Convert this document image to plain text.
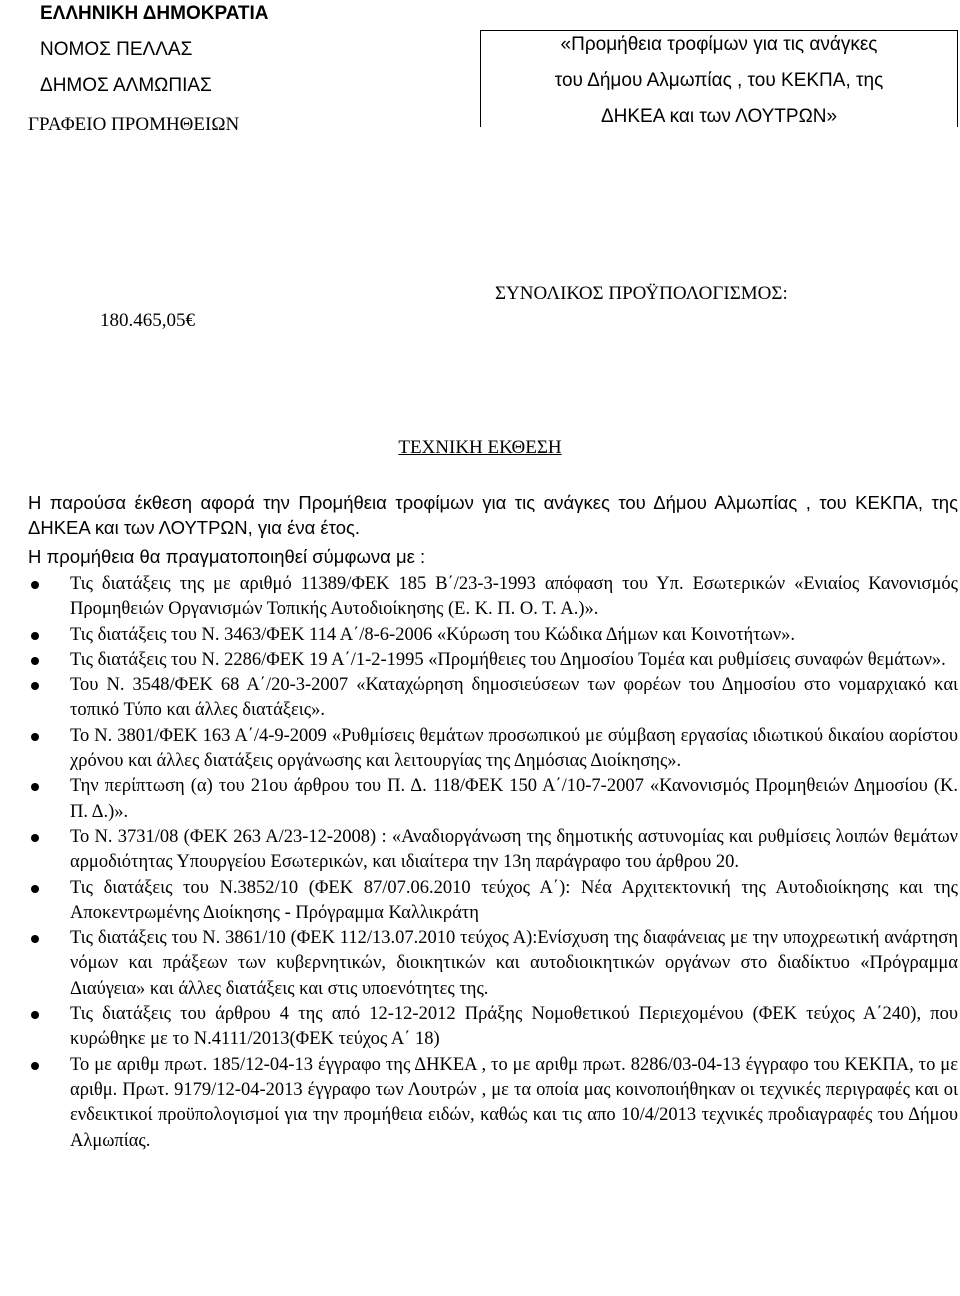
ΕΛΛΗΝΙΚΗ ΔΗΜΟΚΡΑΤΙΑ
ΝΟΜΟΣ ΠΕΛΛΑΣ
ΔΗΜΟΣ ΑΛΜΩΠΙΑΣ
ΓΡΑΦΕΙΟ ΠΡΟΜΗΘΕΙΩΝ
«Προμήθεια τροφίμων για τις ανάγκες
του Δήμου Αλμωπίας , του ΚΕΚΠΑ, της
ΔΗΚΕΑ και των ΛΟΥΤΡΩΝ»
ΣΥΝΟΛΙΚΟΣ ΠΡΟΫΠΟΛΟΓΙΣΜΟΣ:
180.465,05€
ΤΕΧΝΙΚΗ ΕΚΘΕΣΗ
Η παρούσα έκθεση αφορά την Προμήθεια τροφίμων για τις ανάγκες του Δήμου Αλμωπίας , του ΚΕΚΠΑ, της ΔΗΚΕΑ και των ΛΟΥΤΡΩΝ, για ένα έτος.
Η προμήθεια θα πραγματοποιηθεί σύμφωνα με :
Τις διατάξεις της με αριθμό 11389/ΦΕΚ 185 Β΄/23-3-1993 απόφαση του Υπ. Εσωτερικών «Ενιαίος Κανονισμός Προμηθειών Οργανισμών Τοπικής Αυτοδιοίκησης (Ε. Κ. Π. Ο. Τ. Α.)».
Τις διατάξεις του Ν. 3463/ΦΕΚ 114 Α΄/8-6-2006 «Κύρωση του Κώδικα Δήμων και Κοινοτήτων».
Τις διατάξεις του Ν. 2286/ΦΕΚ 19 Α΄/1-2-1995 «Προμήθειες του Δημοσίου Τομέα και ρυθμίσεις συναφών θεμάτων».
Του Ν. 3548/ΦΕΚ 68 Α΄/20-3-2007 «Καταχώρηση δημοσιεύσεων των φορέων του Δημοσίου στο νομαρχιακό και τοπικό Τύπο και άλλες διατάξεις».
Το Ν. 3801/ΦΕΚ 163 Α΄/4-9-2009 «Ρυθμίσεις θεμάτων προσωπικού με σύμβαση εργασίας ιδιωτικού δικαίου αορίστου χρόνου και άλλες διατάξεις οργάνωσης και λειτουργίας της Δημόσιας Διοίκησης».
Την περίπτωση (α) του 21ου άρθρου του Π. Δ. 118/ΦΕΚ 150 Α΄/10-7-2007 «Κανονισμός Προμηθειών Δημοσίου (Κ. Π. Δ.)».
Το Ν. 3731/08 (ΦΕΚ 263 Α/23-12-2008) : «Αναδιοργάνωση της δημοτικής αστυνομίας και ρυθμίσεις λοιπών θεμάτων αρμοδιότητας Υπουργείου Εσωτερικών, και ιδιαίτερα την 13η παράγραφο του άρθρου 20.
Τις διατάξεις του Ν.3852/10 (ΦΕΚ 87/07.06.2010 τεύχος Α΄): Νέα Αρχιτεκτονική της Αυτοδιοίκησης και της Αποκεντρωμένης Διοίκησης - Πρόγραμμα Καλλικράτη
Τις διατάξεις του Ν. 3861/10 (ΦΕΚ 112/13.07.2010 τεύχος Α):Ενίσχυση της διαφάνειας με την υποχρεωτική ανάρτηση νόμων και πράξεων των κυβερνητικών, διοικητικών και αυτοδιοικητικών οργάνων στο διαδίκτυο «Πρόγραμμα Διαύγεια» και άλλες διατάξεις και στις υποενότητες της.
Τις διατάξεις του άρθρου 4 της από 12-12-2012 Πράξης Νομοθετικού Περιεχομένου (ΦΕΚ τεύχος Α΄240), που κυρώθηκε με το Ν.4111/2013(ΦΕΚ τεύχος Α΄ 18)
Το με αριθμ πρωτ. 185/12-04-13 έγγραφο της ΔΗΚΕΑ , το με αριθμ πρωτ. 8286/03-04-13 έγγραφο του ΚΕΚΠΑ, το με αριθμ. Πρωτ. 9179/12-04-2013 έγγραφο των Λουτρών , με τα οποία μας κοινοποιήθηκαν οι τεχνικές περιγραφές και οι ενδεικτικοί προϋπολογισμοί για την προμήθεια ειδών, καθώς και τις απο 10/4/2013 τεχνικές προδιαγραφές του Δήμου Αλμωπίας.
